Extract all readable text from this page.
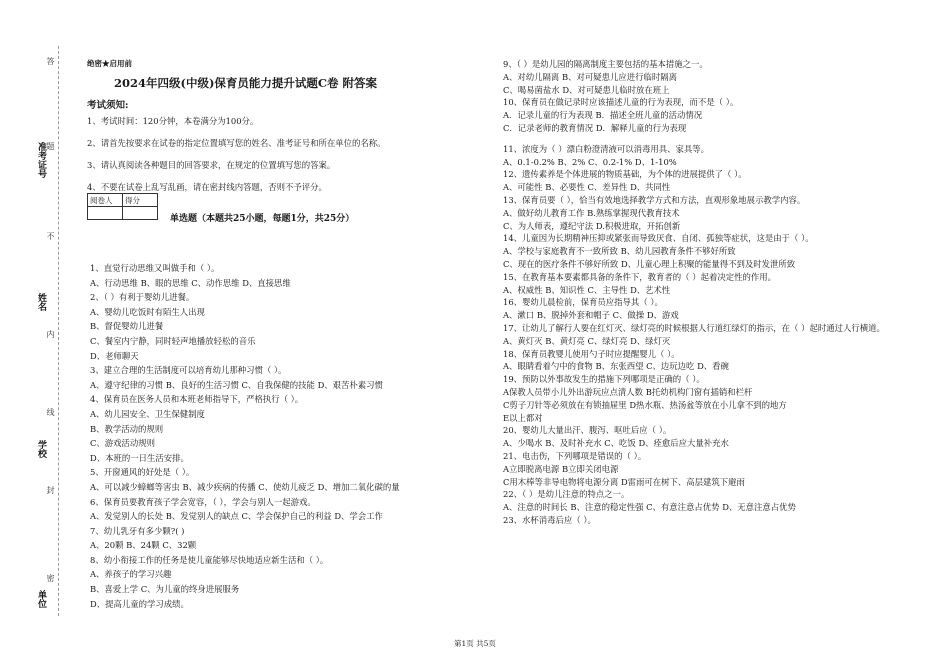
准考证号
姓名
学校
单位
答
题
不
内
线
封
密
绝密★启用前
2024年四级(中级)保育员能力提升试题C卷 附答案
考试须知:
1、考试时间：120分钟，本卷满分为100分。
2、请首先按要求在试卷的指定位置填写您的姓名、准考证号和所在单位的名称。
3、请认真阅读各种题目的回答要求，在规定的位置填写您的答案。
4、不要在试卷上乱写乱画，请在密封线内答题，否则不予评分。
阅卷人	得分

单选题（本题共25小题，每题1分，共25分）
1、直觉行动思维又叫做手和（ ）。
A、行动思维 B、眼的思维 C、动作思维 D、直接思维
2、（ ）有利于婴幼儿进餐。
A、婴幼儿吃饭时有陌生人出现
B、督促婴幼儿进餐
C、餐室内宁静，同时轻声地播放轻松的音乐
D、老师聊天
3、建立合理的生活制度可以培育幼儿那种习惯（ ）。
A、遵守纪律的习惯 B、良好的生活习惯 C、自我保健的技能 D、艰苦朴素习惯
4、保育员在医务人员和本班老师指导下，严格执行（ ）。
A、幼儿园安全、卫生保健制度
B、教学活动的规则
C、游戏活动规则
D、本班的一日生活安排。
5、开窗通风的好处是（ ）。
A、可以减少蟑螂等害虫 B、减少疾病的传播 C、使幼儿疲乏 D、增加二氧化碳的量
6、保育员要教育孩子学会宽容，（ ），学会与别人一起游戏。
A、发觉别人的长处 B、发觉别人的缺点 C、学会保护自己的利益 D、学会工作
7、幼儿乳牙有多少颗?( )
A、20颗 B、24颗 C、32颗
8、幼小衔接工作的任务是使儿童能够尽快地适应新生活和（ ）。
A、养孩子的学习兴趣
B、喜爱上学 C、为儿童的终身进展服务
D、提高儿童的学习成绩。
9、（ ）是幼儿园的隔离制度主要包括的基本措施之一。
A、对幼儿隔离 B、对可疑患儿应进行临时隔离
C、喝易菌盐水 D、对可疑患儿临时放在班上
10、保育员在做记录时应该描述儿童的行为表现，而不是（ ）。
A．记录儿童的行为表现 B．描述全班儿童的活动情况
C．记录老师的教育情况 D．解释儿童的行为表现
11、浓度为（ ）漂白粉澄清液可以消毒用具、家具等。
A、0.1-0.2% B、2% C、0.2-1% D、1-10%
12、遗传素养是个体进展的物质基础，为个体的进展提供了（ ）。
A、可能性 B、必要性 C、差异性 D、共同性
13、保育员要（ ），恰当有效地选择教学方式和方法，直观形象地展示教学内容。
A、做好幼儿教育工作 B.熟练掌握现代教育技术
C、为人师表，遵纪守法 D.积极进取，开拓创新
14、儿童因为长期精神压抑或紧张而导致厌食、自闭、孤独等症状，这是由于（ ）。
A、学校与家庭教育不一致所致 B、幼儿园教育条件不够好所致
C、现在的医疗条件不够好所致 D、儿童心理上积聚的能量得不到及时发泄所致
15、在教育基本要素都具备的条件下，教育者的（ ）起着决定性的作用。
A、权威性 B、知识性 C、主导性 D、艺术性
16、婴幼儿晨检前，保育员应指导其（ ）。
A、漱口 B、脱掉外套和帽子 C、做操 D、游戏
17、让幼儿了解行人要在红灯灭、绿灯亮的时候根据人行道红绿灯的指示，在（ ）起时通过人行横道。
A、黄灯灭 B、黄灯亮 C、绿灯亮 D、绿灯灭
18、保育员教婴儿使用勺子时应提醒婴儿（ ）。
A、眼睛看着勺中的食物 B、东张西望 C、边玩边吃 D、看碗
19、预防以外事故发生的措施下列哪项是正确的（ ）。
A保教人员带小儿外出游玩应点清人数 B托幼机构门窗有插销和栏杆
C剪子刀针等必须放在有锁抽屉里 D热水瓶、热汤盆等放在小儿拿不到的地方
E以上都对
20、婴幼儿大量出汗、腹泻、呕吐后应（ ）。
A、少喝水 B、及时补充水 C、吃饭 D、痊愈后应大量补充水
21、电击伤，下列哪项是错误的（ ）。
A立即脱离电源 B立即关闭电源
C用木棒等非导电物将电源分离 D雷雨可在树下、高层建筑下避雨
22、（ ）是幼儿注意的特点之一。
A、注意的时间长 B、注意的稳定性强 C、有意注意占优势 D、无意注意占优势
23、水杯消毒后应（ ）。
第1页 共5页
